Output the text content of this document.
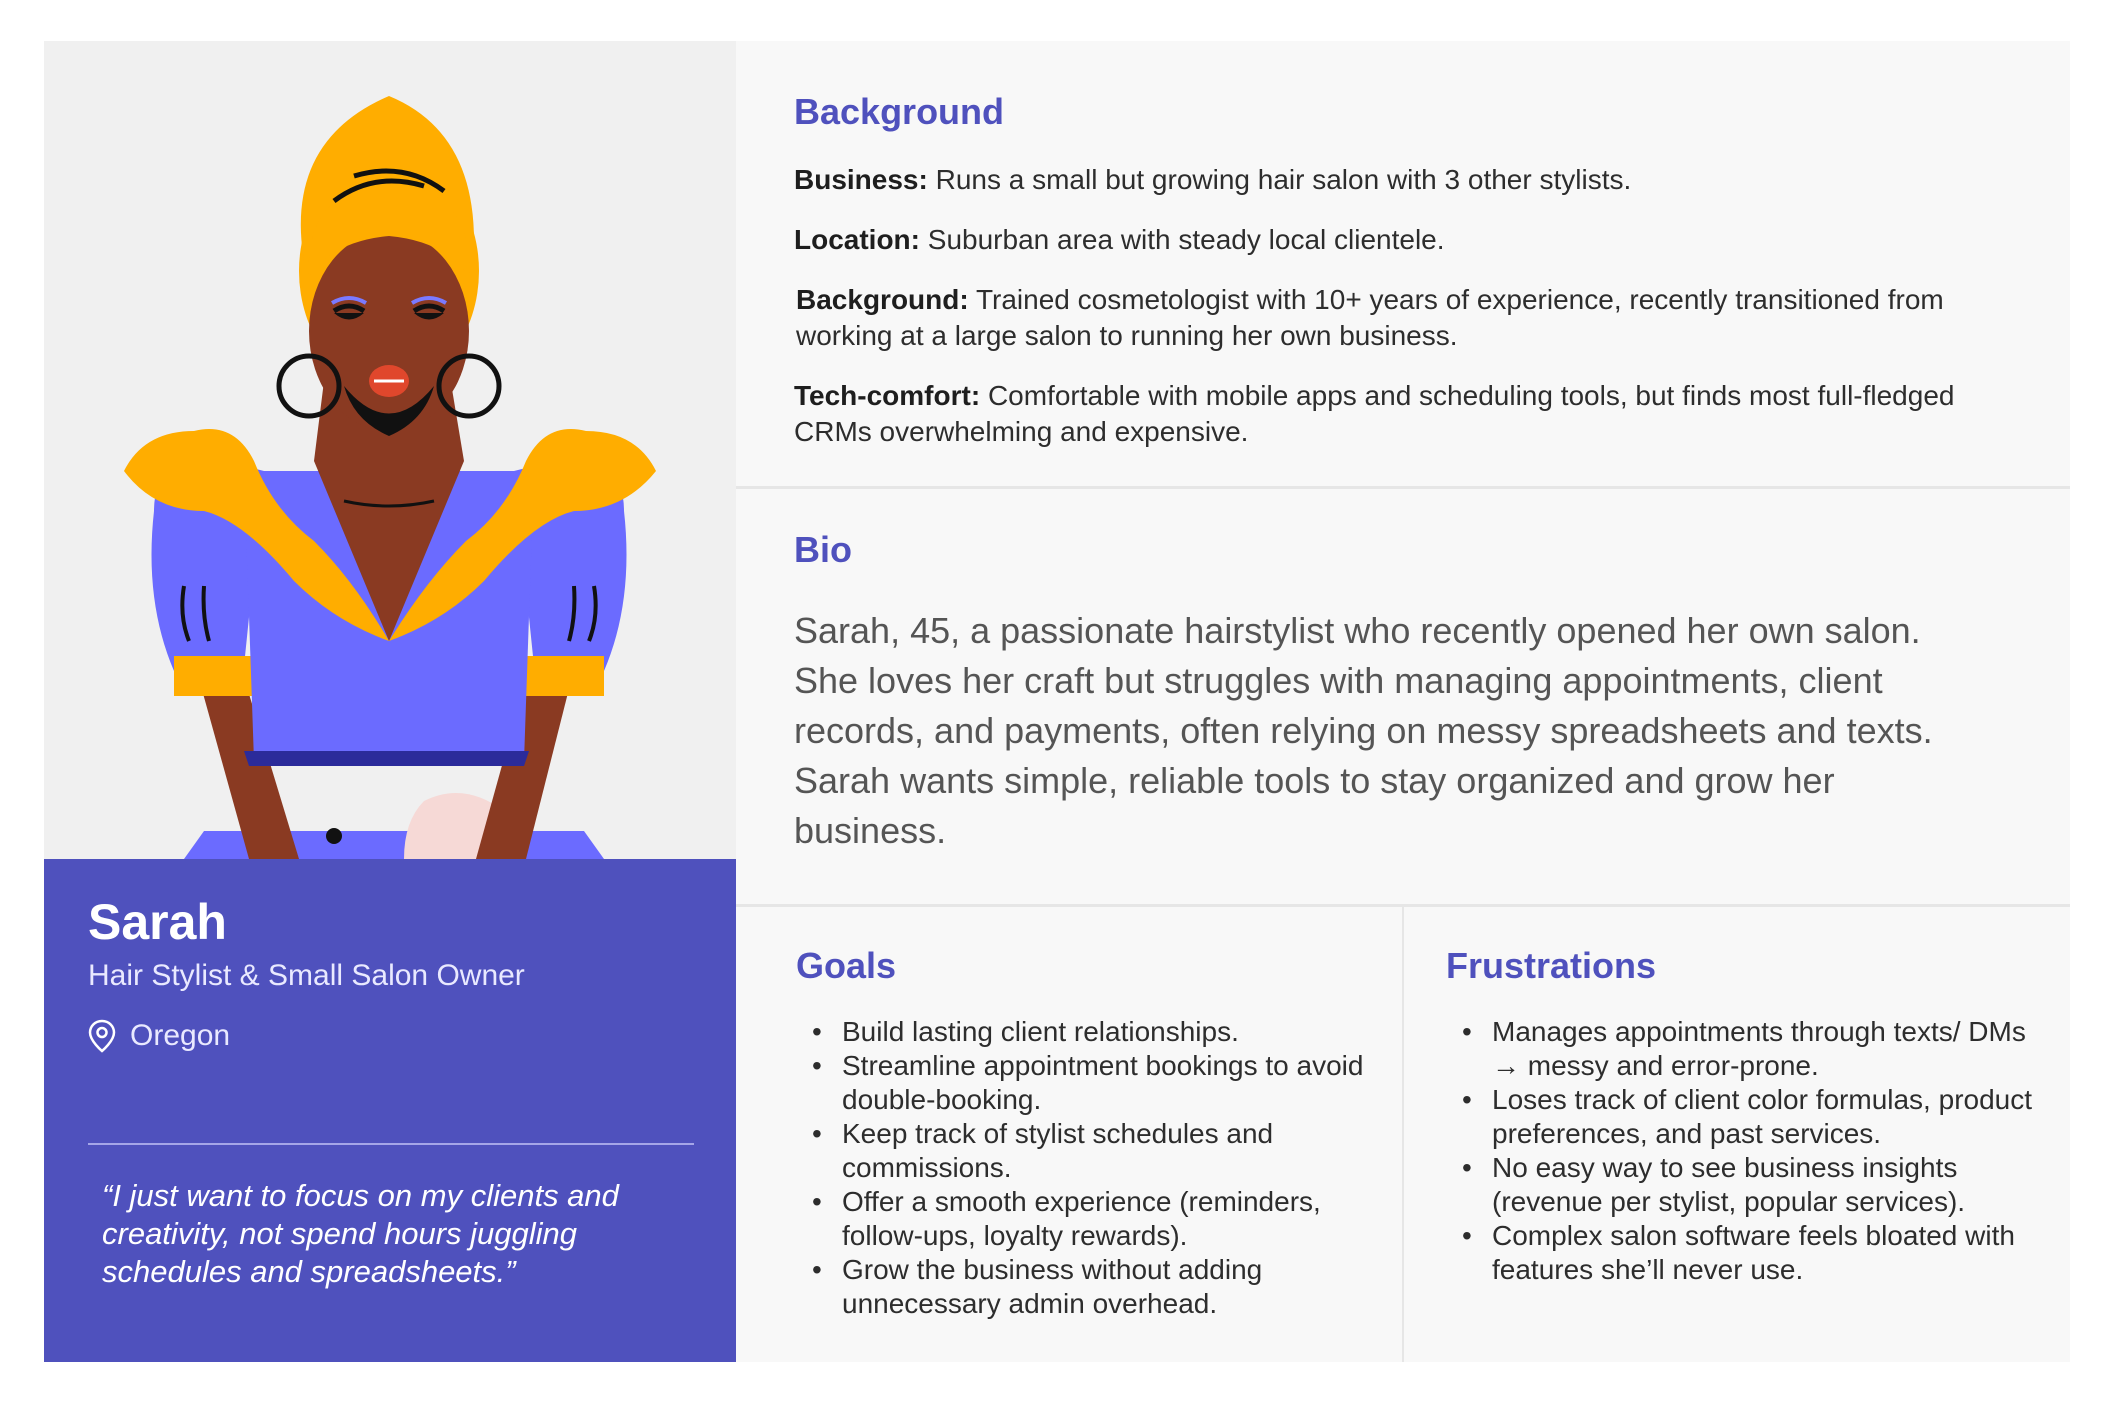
Sarah
Hair Stylist & Small Salon Owner
Oregon
“I just want to focus on my clients and creativity, not spend hours juggling schedules and spreadsheets.”
Background
Business: Runs a small but growing hair salon with 3 other stylists.
Location: Suburban area with steady local clientele.
Background: Trained cosmetologist with 10+ years of experience, recently transitioned from working at a large salon to running her own business.
Tech-comfort: Comfortable with mobile apps and scheduling tools, but finds most full-fledged CRMs overwhelming and expensive.
Bio
Sarah, 45, a passionate hairstylist who recently opened her own salon. She loves her craft but struggles with managing appointments, client records, and payments, often relying on messy spreadsheets and texts. Sarah wants simple, reliable tools to stay organized and grow her business.
Goals
• Build lasting client relationships.
• Streamline appointment bookings to avoid double-booking.
• Keep track of stylist schedules and commissions.
• Offer a smooth experience (reminders, follow-ups, loyalty rewards).
• Grow the business without adding unnecessary admin overhead.
Frustrations
• Manages appointments through texts/ DMs → messy and error-prone.
• Loses track of client color formulas, product preferences, and past services.
• No easy way to see business insights (revenue per stylist, popular services).
• Complex salon software feels bloated with features she’ll never use.
